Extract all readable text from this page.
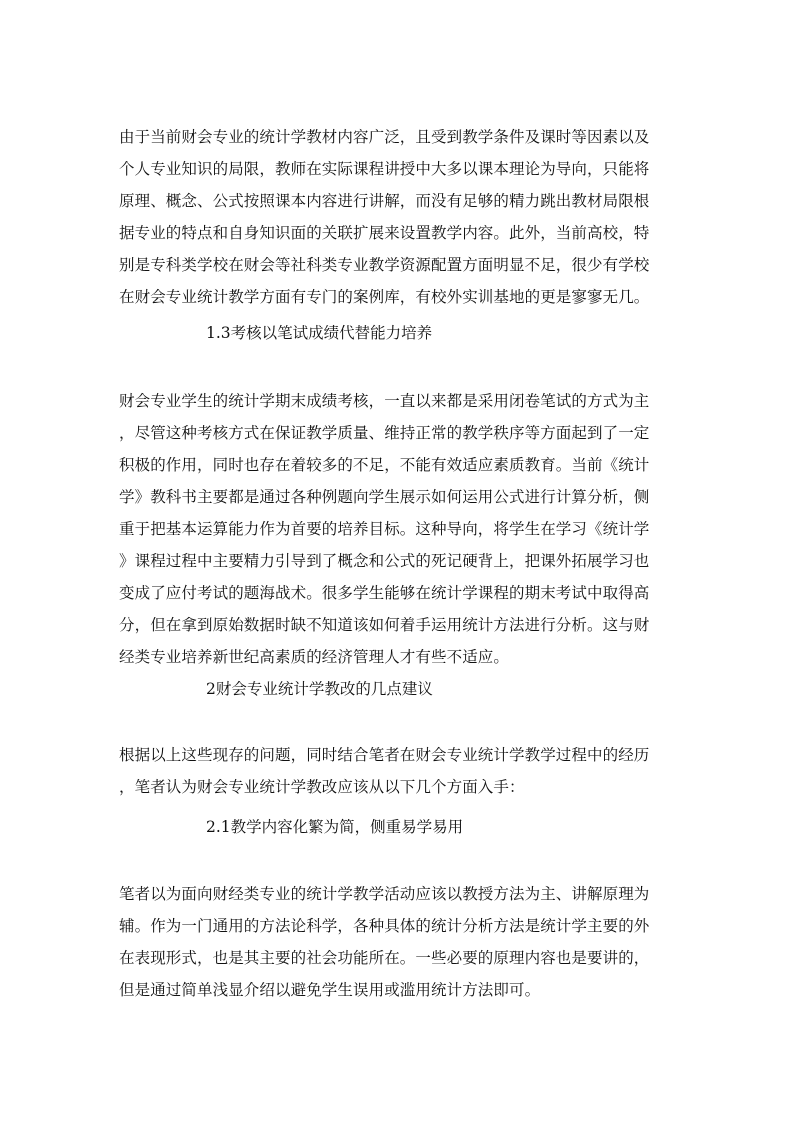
由于当前财会专业的统计学教材内容广泛，且受到教学条件及课时等因素以及
个人专业知识的局限，教师在实际课程讲授中大多以课本理论为导向，只能将
原理、概念、公式按照课本内容进行讲解，而没有足够的精力跳出教材局限根
据专业的特点和自身知识面的关联扩展来设置教学内容。此外，当前高校，特
别是专科类学校在财会等社科类专业教学资源配置方面明显不足，很少有学校
在财会专业统计教学方面有专门的案例库，有校外实训基地的更是寥寥无几。
1.3考核以笔试成绩代替能力培养
财会专业学生的统计学期末成绩考核，一直以来都是采用闭卷笔试的方式为主
，尽管这种考核方式在保证教学质量、维持正常的教学秩序等方面起到了一定
积极的作用，同时也存在着较多的不足，不能有效适应素质教育。当前《统计
学》教科书主要都是通过各种例题向学生展示如何运用公式进行计算分析，侧
重于把基本运算能力作为首要的培养目标。这种导向，将学生在学习《统计学
》课程过程中主要精力引导到了概念和公式的死记硬背上，把课外拓展学习也
变成了应付考试的题海战术。很多学生能够在统计学课程的期末考试中取得高
分，但在拿到原始数据时缺不知道该如何着手运用统计方法进行分析。这与财
经类专业培养新世纪高素质的经济管理人才有些不适应。
2财会专业统计学教改的几点建议
根据以上这些现存的问题，同时结合笔者在财会专业统计学教学过程中的经历
，笔者认为财会专业统计学教改应该从以下几个方面入手：
2.1教学内容化繁为简，侧重易学易用
笔者以为面向财经类专业的统计学教学活动应该以教授方法为主、讲解原理为
辅。作为一门通用的方法论科学，各种具体的统计分析方法是统计学主要的外
在表现形式，也是其主要的社会功能所在。一些必要的原理内容也是要讲的，
但是通过简单浅显介绍以避免学生误用或滥用统计方法即可。
